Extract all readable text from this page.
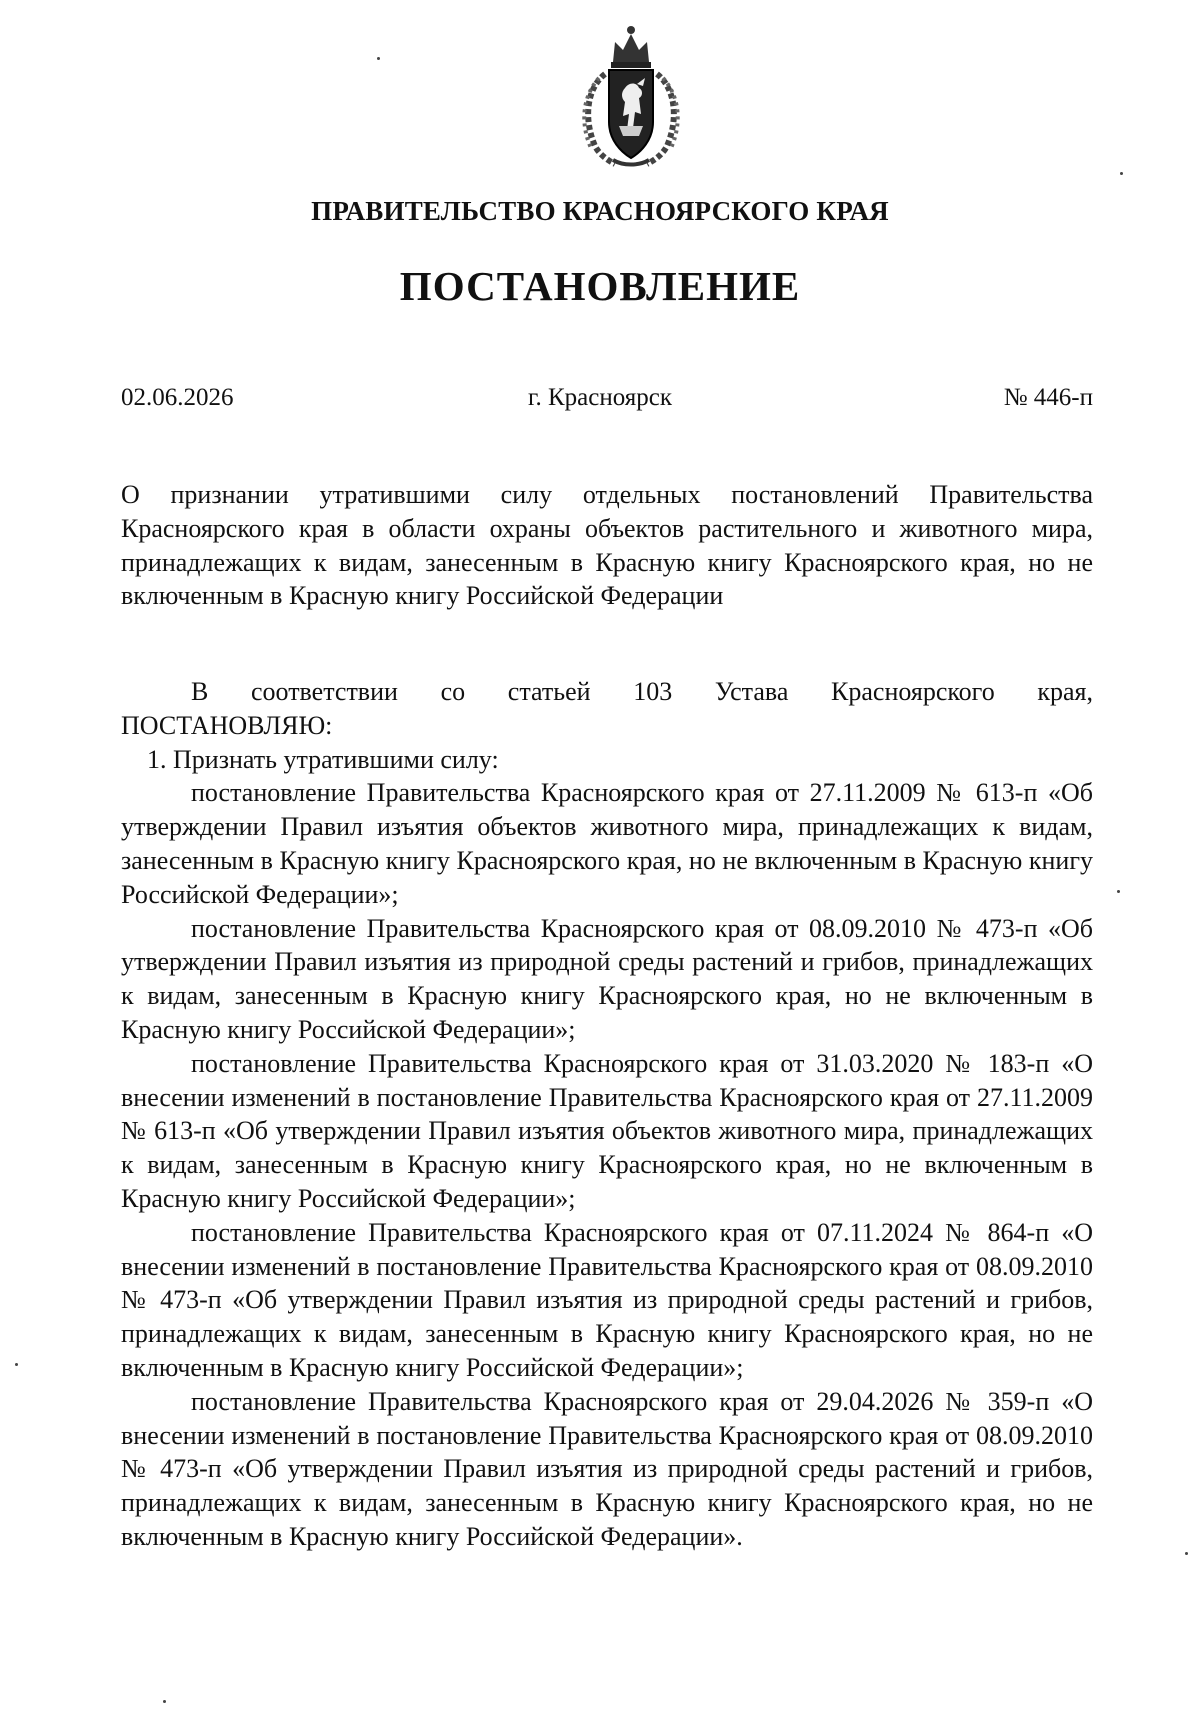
ПРАВИТЕЛЬСТВО КРАСНОЯРСКОГО КРАЯ
ПОСТАНОВЛЕНИЕ
02.06.2026	г. Красноярск	№ 446-п
О признании утратившими силу отдельных постановлений Правительства Красноярского края в области охраны объектов растительного и животного мира, принадлежащих к видам, занесенным в Красную книгу Красноярского края, но не включенным в Красную книгу Российской Федерации

В соответствии со статьей 103 Устава Красноярского края,

ПОСТАНОВЛЯЮ:

1. Признать утратившими силу:

постановление Правительства Красноярского края от 27.11.2009 № 613-п «Об утверждении Правил изъятия объектов животного мира, принадлежащих к видам, занесенным в Красную книгу Красноярского края, но не включенным в Красную книгу Российской Федерации»;

постановление Правительства Красноярского края от 08.09.2010 № 473-п «Об утверждении Правил изъятия из природной среды растений и грибов, принадлежащих к видам, занесенным в Красную книгу Красноярского края, но не включенным в Красную книгу Российской Федерации»;

постановление Правительства Красноярского края от 31.03.2020 № 183-п «О внесении изменений в постановление Правительства Красноярского края от 27.11.2009 № 613-п «Об утверждении Правил изъятия объектов животного мира, принадлежащих к видам, занесенным в Красную книгу Красноярского края, но не включенным в Красную книгу Российской Федерации»;

постановление Правительства Красноярского края от 07.11.2024 № 864-п «О внесении изменений в постановление Правительства Красноярского края от 08.09.2010 № 473-п «Об утверждении Правил изъятия из природной среды растений и грибов, принадлежащих к видам, занесенным в Красную книгу Красноярского края, но не включенным в Красную книгу Российской Федерации»;

постановление Правительства Красноярского края от 29.04.2026 № 359-п «О внесении изменений в постановление Правительства Красноярского края от 08.09.2010 № 473-п «Об утверждении Правил изъятия из природной среды растений и грибов, принадлежащих к видам, занесенным в Красную книгу Красноярского края, но не включенным в Красную книгу Российской Федерации».
